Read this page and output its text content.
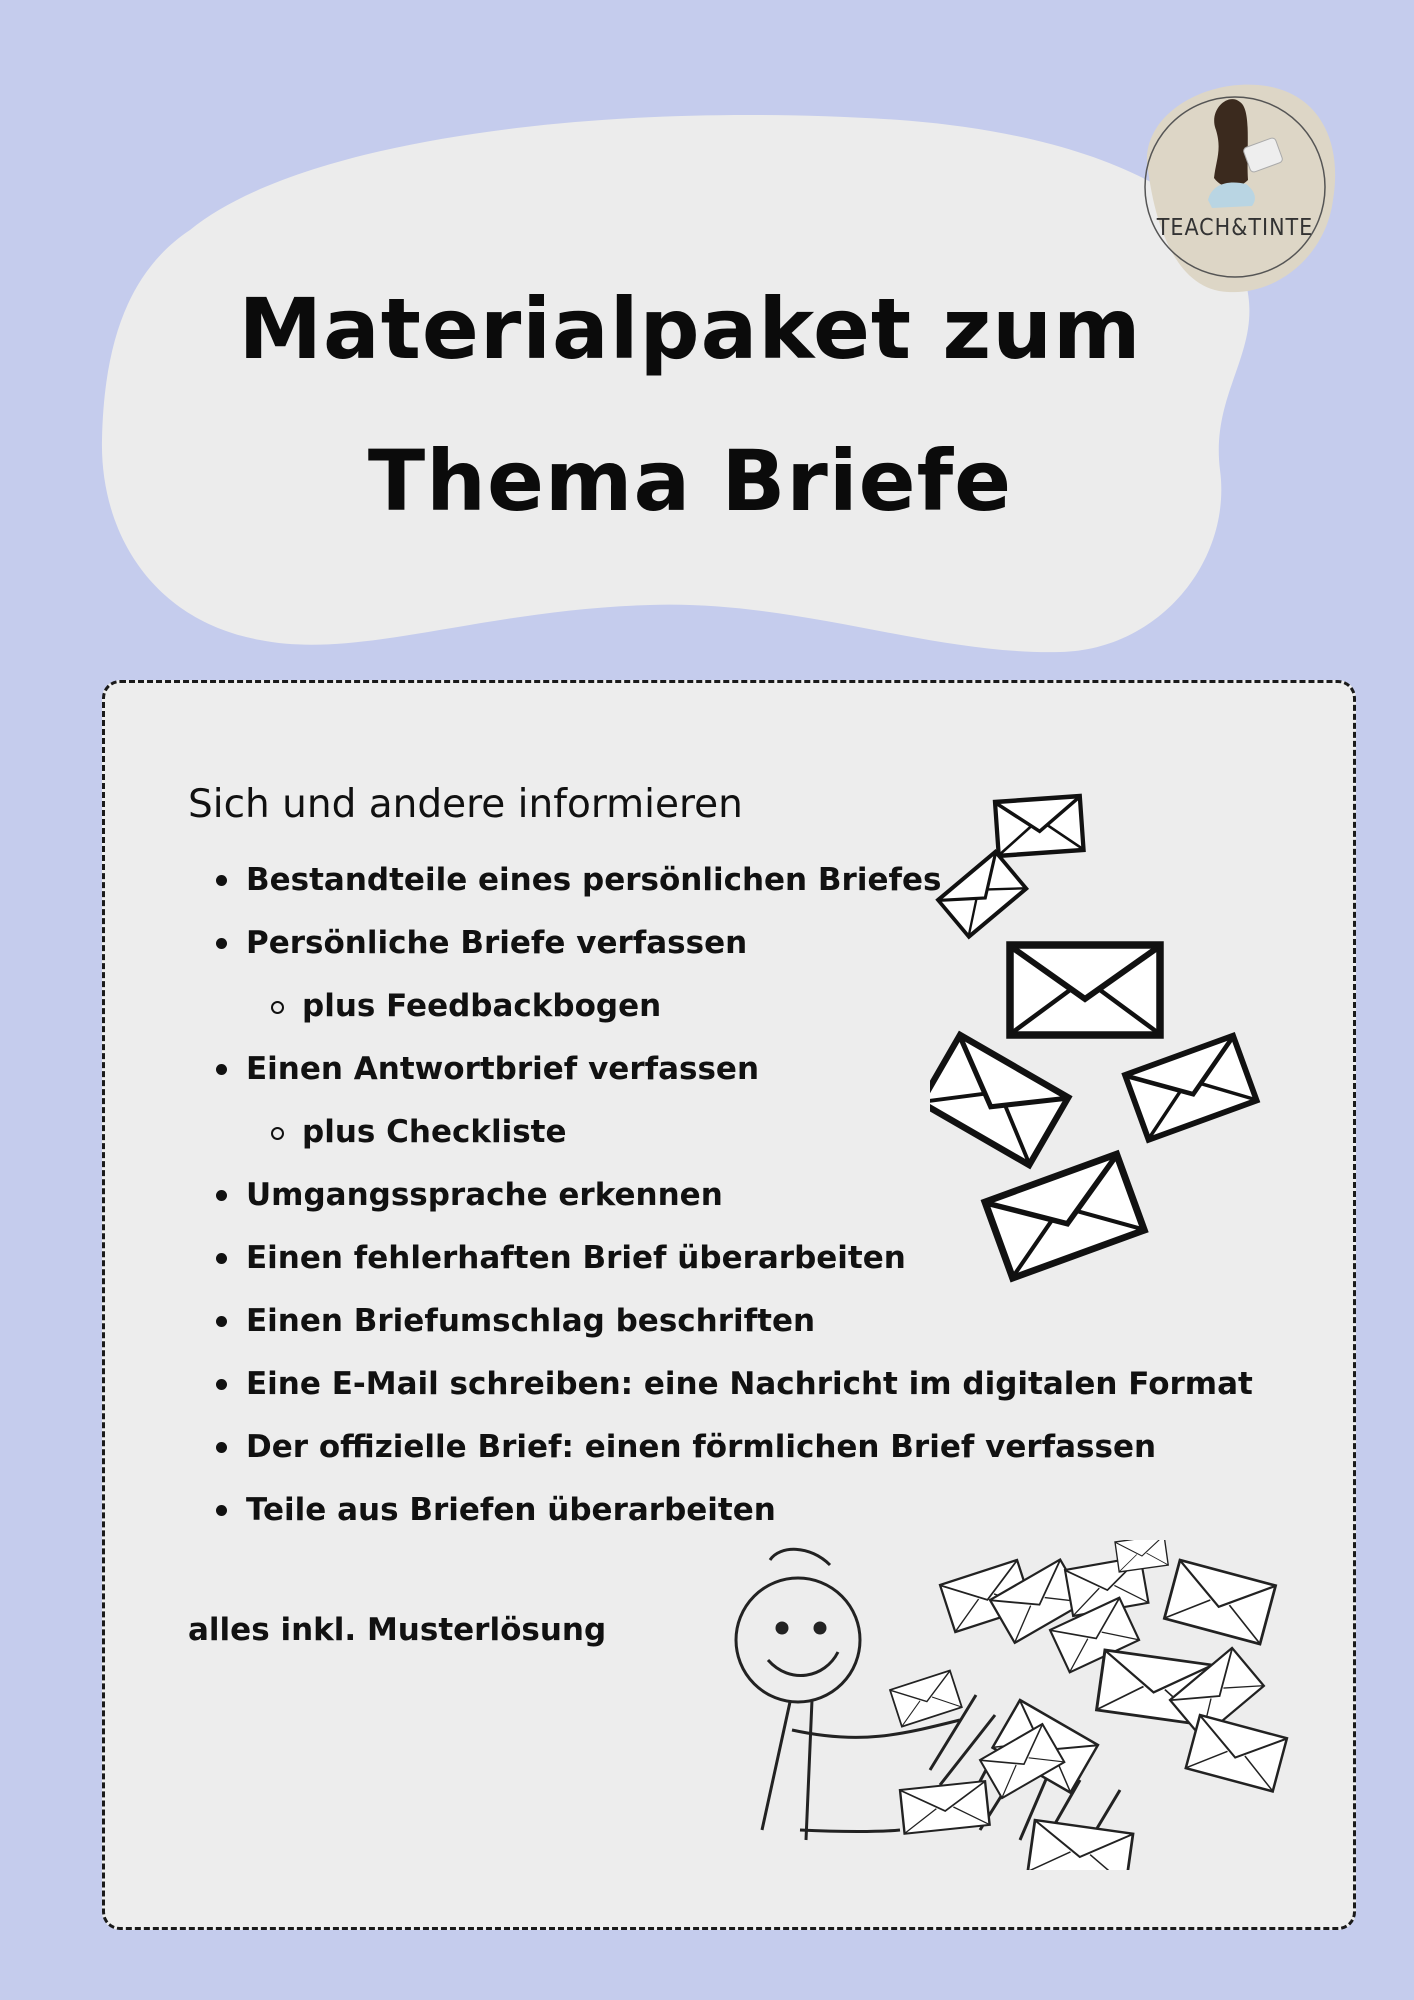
Materialpaket zum
Thema Briefe
TEACH&TINTE
Sich und andere informieren
Bestandteile eines persönlichen Briefes
Persönliche Briefe verfassen
plus Feedbackbogen
Einen Antwortbrief verfassen
plus Checkliste
Umgangssprache erkennen
Einen fehlerhaften Brief überarbeiten
Einen Briefumschlag beschriften
Eine E-Mail schreiben: eine Nachricht im digitalen Format
Der offizielle Brief: einen förmlichen Brief verfassen
Teile aus Briefen überarbeiten

alles inkl. Musterlösung
